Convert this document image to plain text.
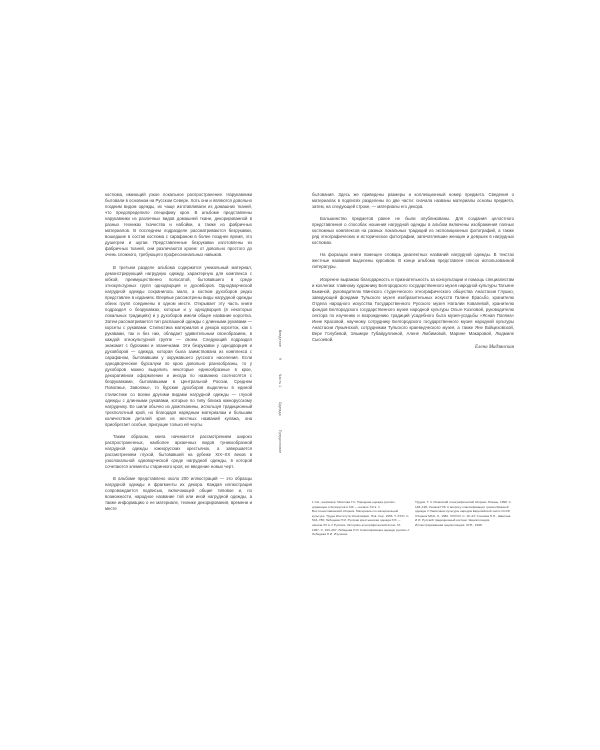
костюма, имеющий узкое локальное распространение. Нарукавники бытовали в основном на Русском Севере. Хоть они и являются довольно поздним видом одежды, их чаще изготавливали из домашних тканей, что предопределило специфику кроя. В альбоме представлены нарукавники из различных видов домашней ткани, декорированной в разных техниках ткачества и набойки, а также из фабричных материалов. В последнем подразделе рассматриваются безрукавки, вошедшие в состав костюма с сарафаном в более позднее время, это душегреи и шугаи. Представленные безрукавки изготовлены из фабричных тканей, они различаются кроем: от довольно простого до очень сложного, требующего профессиональных навыков.

В третьем разделе альбома содержится уникальный материал, демонстрирующий нагрудную одежду, характерную для комплекса с юбкой, преимущественно полосатой, бытовавшего в среде этнокультурных групп однодворцев и духовборов. Однодворческой нагрудной одежды сохранилось мало, а костюм духоборов редко представлен в изданиях. Впервые рассмотрены виды нагрудной одежды обеих групп соединены в одном месте. Открывает эту часть книги подраздел о безрукавках, которые и у однодворцев (в некоторых локальных традициях) и у духоборов имели общее название корсетка. Затем рассматривается тип распашной одежды с длинными рукавами — корсеты с рукавами. Стилистика материалов и декора корсеток, как с рукавами, так и без них, обладает удивительным своеобразием, в каждой этнокультурной группе — своем. Следующий подраздел знакомит с бурскими и эпанечками. Эти безрукавки у однодворцев и духовборов — одежда, которая была заимствована из комплекса с сарафаном, бытовавшим у окружавшего русского населения. Если однодворческие бурсалуки по крою довольно разнообразны, то у духоборов можно выделить некоторые единообразные в крое, декоративном оформлении и иногда по названию соотносятся с безрукавками, бытовавшими в Центральной России, Среднем Поволжье, Заволжье, то бурские духоборов выделены в единой стилистике со всеми другими видами нагрудной одежды — глухой одежды с длинными рукавами, которые по типу близка южнорусскому нагруднику. Ее шили обычно из домотканины, используя традиционный трехполотный крой, но благодаря нарядным материалам и большим количеством деталей кроя из местных названий кулажа, она приобретает особые, присущие только ей черты.

Таким образом, книга начинается рассмотрением широко распространенных, наиболее архаичных видов туникообразной нагрудной одежды южнорусских крестьянок, а завершается рассмотрением глухой, бытовавшей на рубеже XIX–XX веков в узколокальной одноворческой среде нагрудной одежды, в которой сочетаются элементы старинного кроя, ее введение новых черт.

В альбоме представлено около 200 иллюстраций — это образцы нагрудной одежды и фрагменты их декора. Каждая иллюстрация сопровождается подписью, включающей общие типовое и, по возможности, народное название той или иной нагрудной одежды, а также информацию о ее материале, технике декорирования, времени и месте

Введение
9
Часть 1
Одежда
Предисловие

бытования. Здесь же приведены размеры и коллекционный номер предмета. Сведения о материалах в подписях разделены по две части: сначала названы материалы основы предмета, затем, на следующей строке, — материалы его декора.

Большинство предметов ранее не были опубликованы. Для создания целостного представления о способах ношения нагрудной одежды в альбом включены изображения полных костюмных комплексов на разных локальных традиций из экспозиционных фотографий, а также ряд этнографических и историческое фотографии, запечатлевшие женщин и девушек в нагрудных костюмах.

На форзацах книги помещен словарь диалектных названий нагрудной одежды. В текстах жестные названия выделены курсивом. В конце альбома представлен список использованной литературы.

Искренне выражаю благодарность и признательность за консультации и помощь специалистам и коллегам: главному художнику Белгородского государственного музея народной культуры Татьяне Быкиной, руководителю Минского студенческого этнографического общества Анастасии Глушко, заведующей фондами Тульского музея изобразительных искусств Галине Ерасьбо, хранителю Отдела народного искусства Государственного Русского музея Наталии Ковалевой, хранителю фондов Белгородского государственного музея народной культуры Ольге Козловой, руководителю сектора по изучению и возрождению традиций усадебного быта музея-усадьбы «Ясная Поляна» Инне Красовой, научному сотруднику Белгородского государственного музея народной культуры Анастасии Лукьянской, сотрудникам Тульского краеведческого музея, а также Яне Войцеховской, Вере Голубевой, Эльмире Губайдуллиной, Алене Любимовой, Марине Макаровой, Людмиле Сысоевой.

Елена Мадзянская

1 См., например: Маслова Г.С. Народная одежда русских, украинцев и белорусов в XIX — начале XX в. // Восточнославянский сборник. Материалы по материальной культуре. Труды Института Этнографии. Нов. Сер. 1956. Т. XXXI. С. 543–786; Лебедева Н.И. Русская крестьянская одежда XIX — начала XX в. // Русские. Историко-этнографический атлас. М., 1967. С. 193–267; Лебедева Н.И. Классификация одежды русских // Лебедева Н.И. Изучение

Трудов. Т. 3. Рязанский этнографический сборник. Рязань, 1998. С. 183–196; Ушаков Н.В. К вопросу классификации туникообразной одежды // Памятники культуры народов Европейской части СССР. Сборник МАЭ. Л., 1982. XXXVIII. С. 10–23; Соснина Н.Н., Шангина И.И. Русский традиционный костюм. Энциклопедия. Иллюстрированная энциклопедия. СПб., 1998.
